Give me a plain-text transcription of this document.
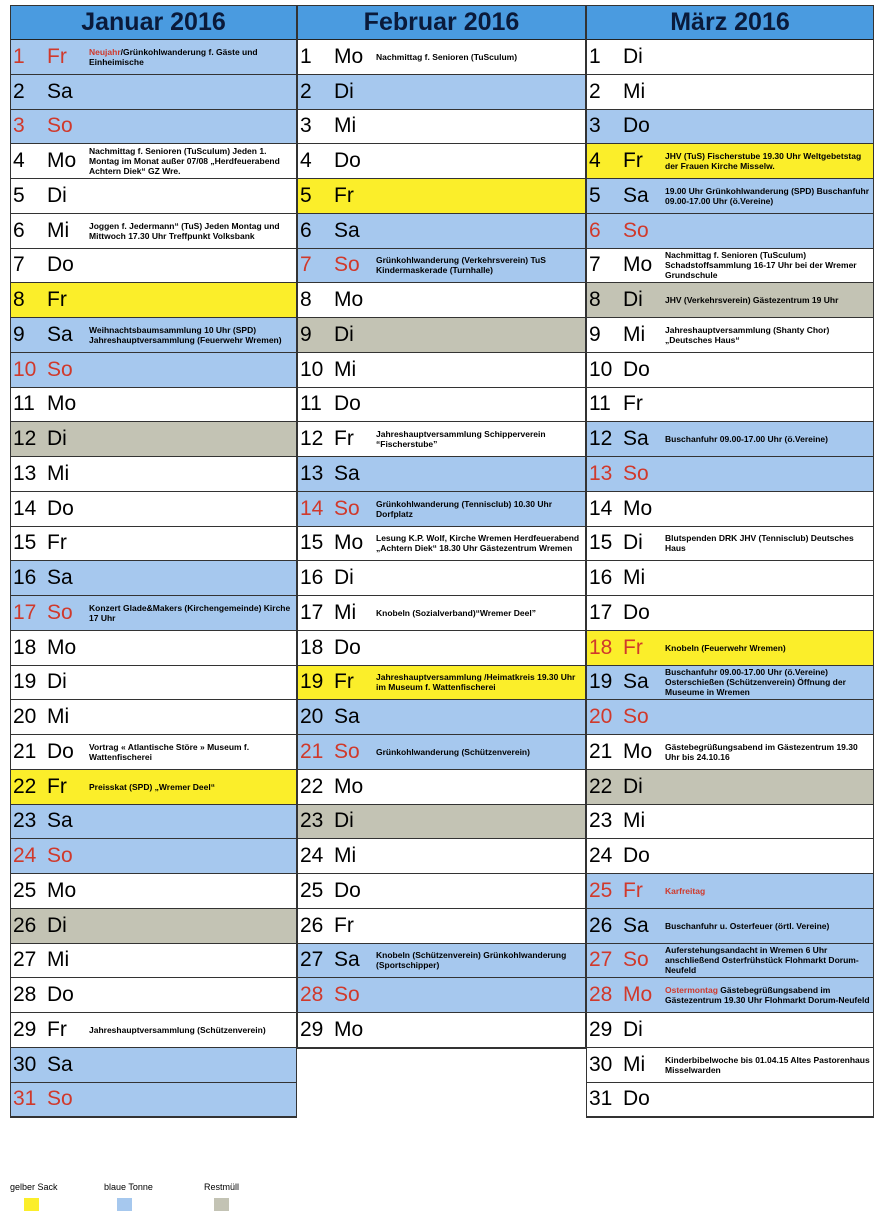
Januar 2016
1	Fr	Neujahr/Grünkohlwanderung f. Gäste und Einheimische
2	Sa
3	So
4	Mo	Nachmittag f. Senioren (TuSculum) Jeden 1. Montag im Monat außer 07/08 „Herdfeuerabend Achtern Diek“ GZ Wre.
5	Di
6	Mi	Joggen f. Jedermann“ (TuS) Jeden Montag und Mittwoch 17.30 Uhr Treffpunkt Volksbank
7	Do
8	Fr
9	Sa	Weihnachtsbaumsammlung 10 Uhr (SPD) Jahreshauptversammlung (Feuerwehr Wremen)
10 So
11 Mo
12 Di
13 Mi
14 Do
15 Fr
16 Sa
17 So	Konzert Glade&Makers (Kirchengemeinde) Kirche 17 Uhr
18 Mo
19 Di
20 Mi
21 Do	Vortrag « Atlantische Störe » Museum f. Wattenfischerei
22 Fr	Preisskat (SPD) „Wremer Deel“
23 Sa
24 So
25 Mo
26 Di
27 Mi
28 Do
29 Fr	Jahreshauptversammlung (Schützenverein)
30 Sa
31 So
Februar 2016
1	Mo	Nachmittag f. Senioren (TuSculum)
2	Di
3	Mi
4	Do
5	Fr
6	Sa
7	So	Grünkohlwanderung (Verkehrsverein) TuS Kindermaskerade (Turnhalle)
8	Mo
9	Di
10 Mi
11 Do
12 Fr	Jahreshauptversammlung Schipperverein “Fischerstube”
13 Sa
14 So	Grünkohlwanderung (Tennisclub) 10.30 Uhr Dorfplatz
15 Mo	Lesung K.P. Wolf, Kirche Wremen Herdfeuerabend „Achtern Diek“ 18.30 Uhr Gästezentrum Wremen
16 Di
17 Mi	Knobeln (Sozialverband)“Wremer Deel”
18 Do
19 Fr	Jahreshauptversammlung /Heimatkreis 19.30 Uhr im Museum f. Wattenfischerei
20 Sa
21 So	Grünkohlwanderung (Schützenverein)
22 Mo
23 Di
24 Mi
25 Do
26 Fr
27 Sa	Knobeln (Schützenverein) Grünkohlwanderung (Sportschipper)
28 So
29 Mo
März 2016
1	Di
2	Mi
3	Do
4	Fr	JHV (TuS) Fischerstube 19.30 Uhr Weltgebetstag der Frauen Kirche Misselw.
5	Sa	19.00 Uhr Grünkohlwanderung (SPD) Buschanfuhr 09.00-17.00 Uhr (ö.Vereine)
6	So
7	Mo	Nachmittag f. Senioren (TuSculum) Schadstoffsammlung 16-17 Uhr bei der Wremer Grundschule
8	Di	JHV (Verkehrsverein) Gästezentrum 19 Uhr
9	Mi	Jahreshauptversammlung (Shanty Chor) „Deutsches Haus“
10 Do
11 Fr
12 Sa	Buschanfuhr 09.00-17.00 Uhr (ö.Vereine)
13 So
14 Mo
15 Di	Blutspenden DRK JHV (Tennisclub) Deutsches Haus
16 Mi
17 Do
18 Fr	Knobeln (Feuerwehr Wremen)
19 Sa	Buschanfuhr 09.00-17.00 Uhr (ö.Vereine) Osterschießen (Schützenverein) Öffnung der Museume in Wremen
20 So
21 Mo	Gästebegrüßungsabend im Gästezentrum 19.30 Uhr bis 24.10.16
22 Di
23 Mi
24 Do
25 Fr	Karfreitag
26 Sa	Buschanfuhr u. Osterfeuer (örtl. Vereine)
27 So	Auferstehungsandacht in Wremen 6 Uhr anschließend Osterfrühstück Flohmarkt Dorum-Neufeld
28 Mo	Ostermontag Gästebegrüßungsabend im Gästezentrum 19.30 Uhr Flohmarkt Dorum-Neufeld
29 Di
30 Mi	Kinderbibelwoche bis 01.04.15 Altes Pastorenhaus Misselwarden
31 Do
gelber Sack	blaue Tonne	Restmüll
